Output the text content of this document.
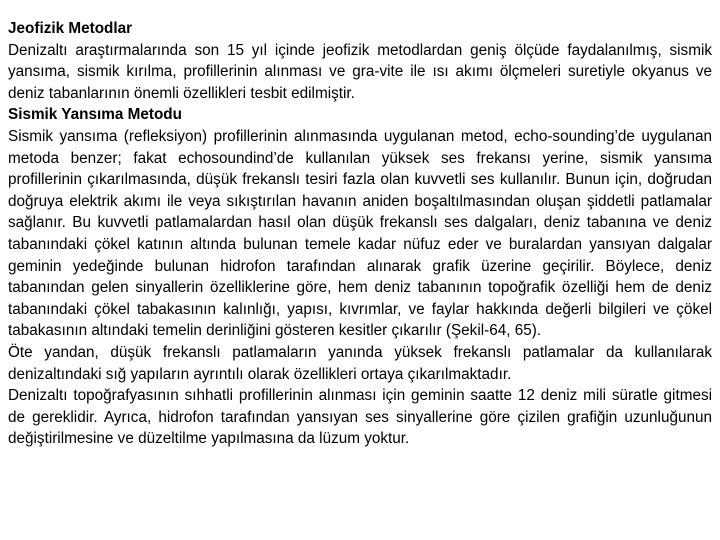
Jeofizik Metodlar

Denizaltı araştırmalarında son 15 yıl içinde jeofizik metodlardan geniş ölçüde faydalanılmış, sismik yansıma, sismik kırılma, profillerinin alınması ve gra-vite ile ısı akımı ölçmeleri suretiyle okyanus ve deniz tabanlarının önemli özellikleri tesbit edilmiştir.

Sismik Yansıma Metodu

Sismik yansıma (refleksiyon) profillerinin alınmasında uygulanan metod, echo-sounding’de uygulanan metoda benzer; fakat echosoundind’de kullanılan yüksek ses frekansı yerine, sismik yansıma profillerinin çıkarılmasında, düşük frekanslı tesiri fazla olan kuvvetli ses kullanılır. Bunun için, doğrudan doğruya elektrik akımı ile veya sıkıştırılan havanın aniden boşaltılmasından oluşan şiddetli patlamalar sağlanır. Bu kuvvetli patlamalardan hasıl olan düşük frekanslı ses dalgaları, deniz tabanına ve deniz tabanındaki çökel katının altında bulunan temele kadar nüfuz eder ve buralardan yansıyan dalgalar geminin yedeğinde bulunan hidrofon tarafından alınarak grafik üzerine geçirilir. Böylece, deniz tabanından gelen sinyallerin özelliklerine göre, hem deniz tabanının topoğrafik özelliği hem de deniz tabanındaki çökel tabakasının kalınlığı, yapısı, kıvrımlar, ve faylar hakkında değerli bilgileri ve çökel tabakasının altındaki temelin derinliğini gösteren kesitler çıkarılır (Şekil-64, 65).

Öte yandan, düşük frekanslı patlamaların yanında yüksek frekanslı patlamalar da kullanılarak denizaltındaki sığ yapıların ayrıntılı olarak özellikleri ortaya çıkarılmaktadır.

Denizaltı topoğrafyasının sıhhatli profillerinin alınması için geminin saatte 12 deniz mili süratle gitmesi de gereklidir. Ayrıca, hidrofon tarafından yansıyan ses sinyallerine göre çizilen grafiğin uzunluğunun değiştirilmesine ve düzeltilme yapılmasına da lüzum yoktur.
